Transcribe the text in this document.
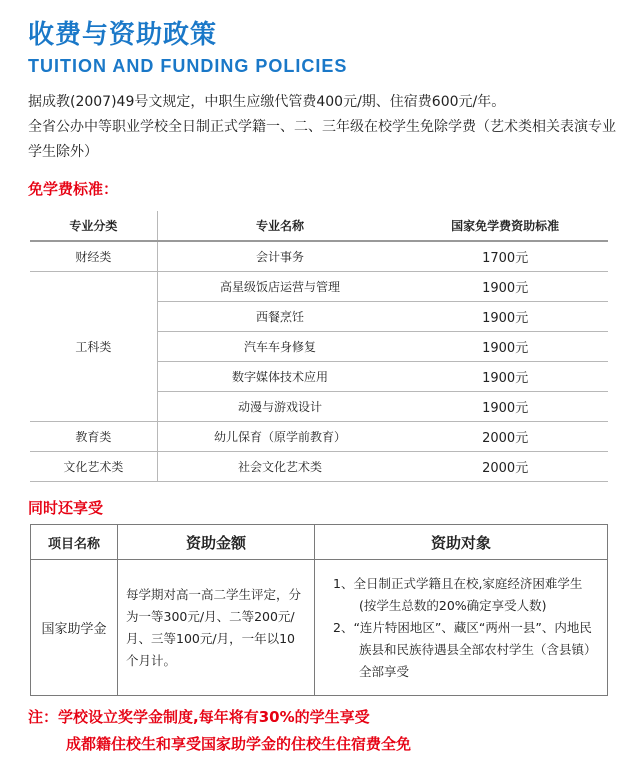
收费与资助政策
TUITION AND FUNDING POLICIES
据成教(2007)49号文规定，中职生应缴代管费400元/期、住宿费600元/年。
全省公办中等职业学校全日制正式学籍一、二、三年级在校学生免除学费（艺术类相关表演专业学生除外）
免学费标准：
专业分类	专业名称	国家免学费资助标准
财经类	会计事务	1700元
工科类	高星级饭店运营与管理	1900元
	西餐烹饪	1900元
	汽车车身修复	1900元
	数字媒体技术应用	1900元
	动漫与游戏设计	1900元
教育类	幼儿保育（原学前教育）	2000元
文化艺术类	社会文化艺术类	2000元
同时还享受
项目名称	资助金额	资助对象
国家助学金	每学期对高一高二学生评定，分为一等300元/月、二等200元/月、三等100元/月，一年以10个月计。	1、全日制正式学籍且在校,家庭经济困难学生(按学生总数的20%确定享受人数)
2、“连片特困地区”、藏区“两州一县”、内地民族县和民族待遇县全部农村学生（含县镇）全部享受
注：学校设立奖学金制度,每年将有30%的学生享受
成都籍住校生和享受国家助学金的住校生住宿费全免
